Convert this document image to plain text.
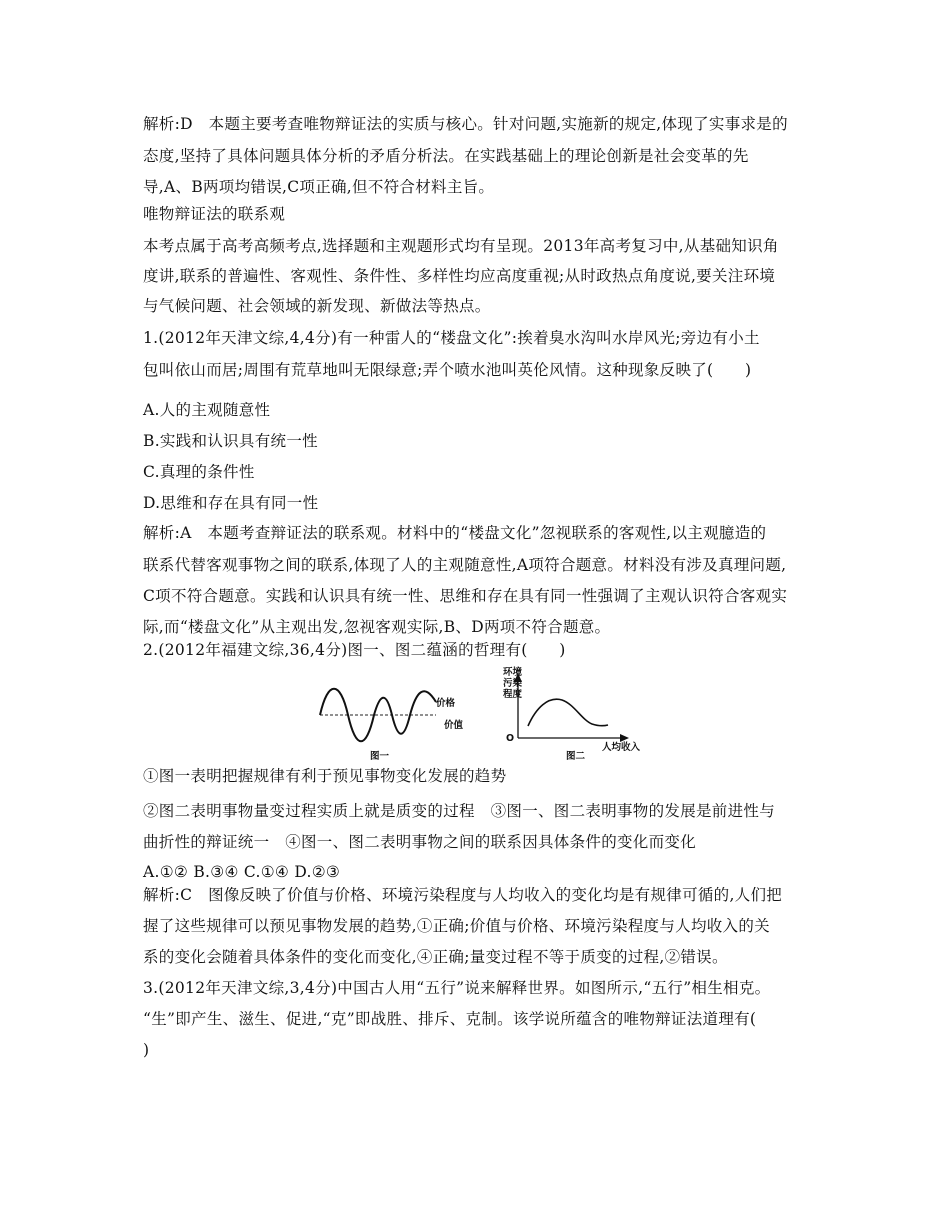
解析:D　本题主要考查唯物辩证法的实质与核心。针对问题,实施新的规定,体现了实事求是的
态度,坚持了具体问题具体分析的矛盾分析法。在实践基础上的理论创新是社会变革的先
导,A、B两项均错误,C项正确,但不符合材料主旨。
唯物辩证法的联系观
本考点属于高考高频考点,选择题和主观题形式均有呈现。2013年高考复习中,从基础知识角
度讲,联系的普遍性、客观性、条件性、多样性均应高度重视;从时政热点角度说,要关注环境
与气候问题、社会领域的新发现、新做法等热点。
1.(2012年天津文综,4,4分)有一种雷人的“楼盘文化”:挨着臭水沟叫水岸风光;旁边有小土
包叫依山而居;周围有荒草地叫无限绿意;弄个喷水池叫英伦风情。这种现象反映了(　　)
A.人的主观随意性
B.实践和认识具有统一性
C.真理的条件性
D.思维和存在具有同一性
解析:A　本题考查辩证法的联系观。材料中的“楼盘文化”忽视联系的客观性,以主观臆造的
联系代替客观事物之间的联系,体现了人的主观随意性,A项符合题意。材料没有涉及真理问题,
C项不符合题意。实践和认识具有统一性、思维和存在具有同一性强调了主观认识符合客观实
际,而“楼盘文化”从主观出发,忽视客观实际,B、D两项不符合题意。
2.(2012年福建文综,36,4分)图一、图二蕴涵的哲理有(　　)
价格
价值
图一
环境
污染
程度
O
人均收入
图二
①图一表明把握规律有利于预见事物变化发展的趋势
②图二表明事物量变过程实质上就是质变的过程　③图一、图二表明事物的发展是前进性与
曲折性的辩证统一　④图一、图二表明事物之间的联系因具体条件的变化而变化
A.①② B.③④ C.①④ D.②③
解析:C　图像反映了价值与价格、环境污染程度与人均收入的变化均是有规律可循的,人们把
握了这些规律可以预见事物发展的趋势,①正确;价值与价格、环境污染程度与人均收入的关
系的变化会随着具体条件的变化而变化,④正确;量变过程不等于质变的过程,②错误。
3.(2012年天津文综,3,4分)中国古人用“五行”说来解释世界。如图所示,“五行”相生相克。
“生”即产生、滋生、促进,“克”即战胜、排斥、克制。该学说所蕴含的唯物辩证法道理有(
)
